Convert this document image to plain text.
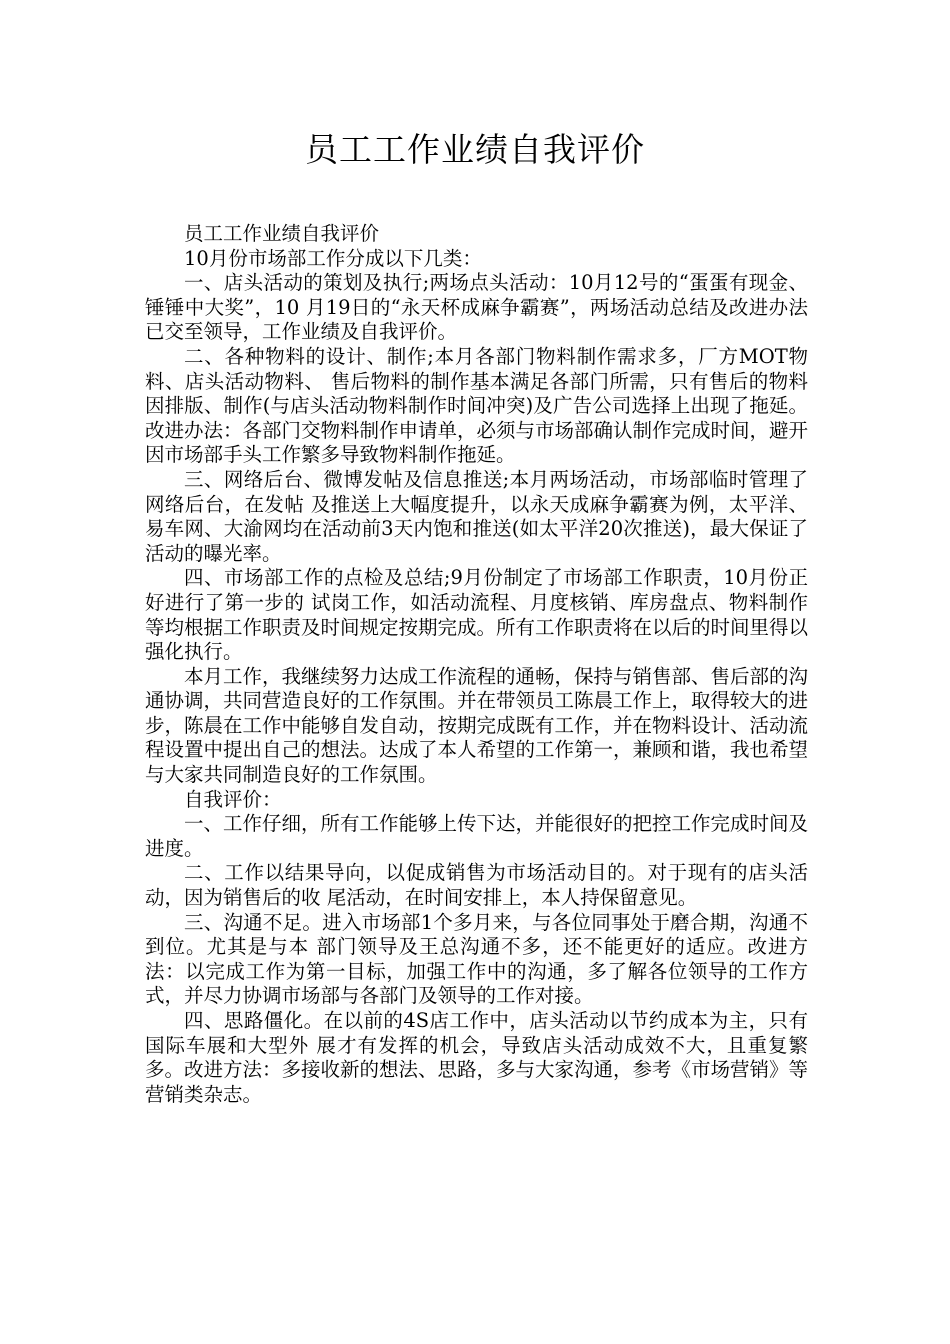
员工工作业绩自我评价

员工工作业绩自我评价

10月份市场部工作分成以下几类：

一、店头活动的策划及执行;两场点头活动：10月12号的“蛋蛋有现金、锤锤中大奖”，10 月19日的“永天杯成麻争霸赛”，两场活动总结及改进办法已交至领导，工作业绩及自我评价。

二、各种物料的设计、制作;本月各部门物料制作需求多，厂方MOT物料、店头活动物料、 售后物料的制作基本满足各部门所需，只有售后的物料因排版、制作(与店头活动物料制作时间冲突)及广告公司选择上出现了拖延。改进办法：各部门交物料制作申请单，必须与市场部确认制作完成时间，避开因市场部手头工作繁多导致物料制作拖延。

三、网络后台、微博发帖及信息推送;本月两场活动，市场部临时管理了网络后台，在发帖 及推送上大幅度提升，以永天成麻争霸赛为例，太平洋、易车网、大渝网均在活动前3天内饱和推送(如太平洋20次推送)，最大保证了活动的曝光率。

四、市场部工作的点检及总结;9月份制定了市场部工作职责，10月份正好进行了第一步的 试岗工作，如活动流程、月度核销、库房盘点、物料制作等均根据工作职责及时间规定按期完成。所有工作职责将在以后的时间里得以强化执行。

本月工作，我继续努力达成工作流程的通畅，保持与销售部、售后部的沟通协调，共同营造良好的工作氛围。并在带领员工陈晨工作上，取得较大的进步，陈晨在工作中能够自发自动，按期完成既有工作，并在物料设计、活动流程设置中提出自己的想法。达成了本人希望的工作第一，兼顾和谐，我也希望与大家共同制造良好的工作氛围。

自我评价：

一、工作仔细，所有工作能够上传下达，并能很好的把控工作完成时间及进度。

二、工作以结果导向，以促成销售为市场活动目的。对于现有的店头活动，因为销售后的收 尾活动，在时间安排上，本人持保留意见。

三、沟通不足。进入市场部1个多月来，与各位同事处于磨合期，沟通不到位。尤其是与本 部门领导及王总沟通不多，还不能更好的适应。改进方法：以完成工作为第一目标，加强工作中的沟通，多了解各位领导的工作方式，并尽力协调市场部与各部门及领导的工作对接。

四、思路僵化。在以前的4S店工作中，店头活动以节约成本为主，只有国际车展和大型外 展才有发挥的机会，导致店头活动成效不大，且重复繁多。改进方法：多接收新的想法、思路，多与大家沟通，参考《市场营销》等营销类杂志。
